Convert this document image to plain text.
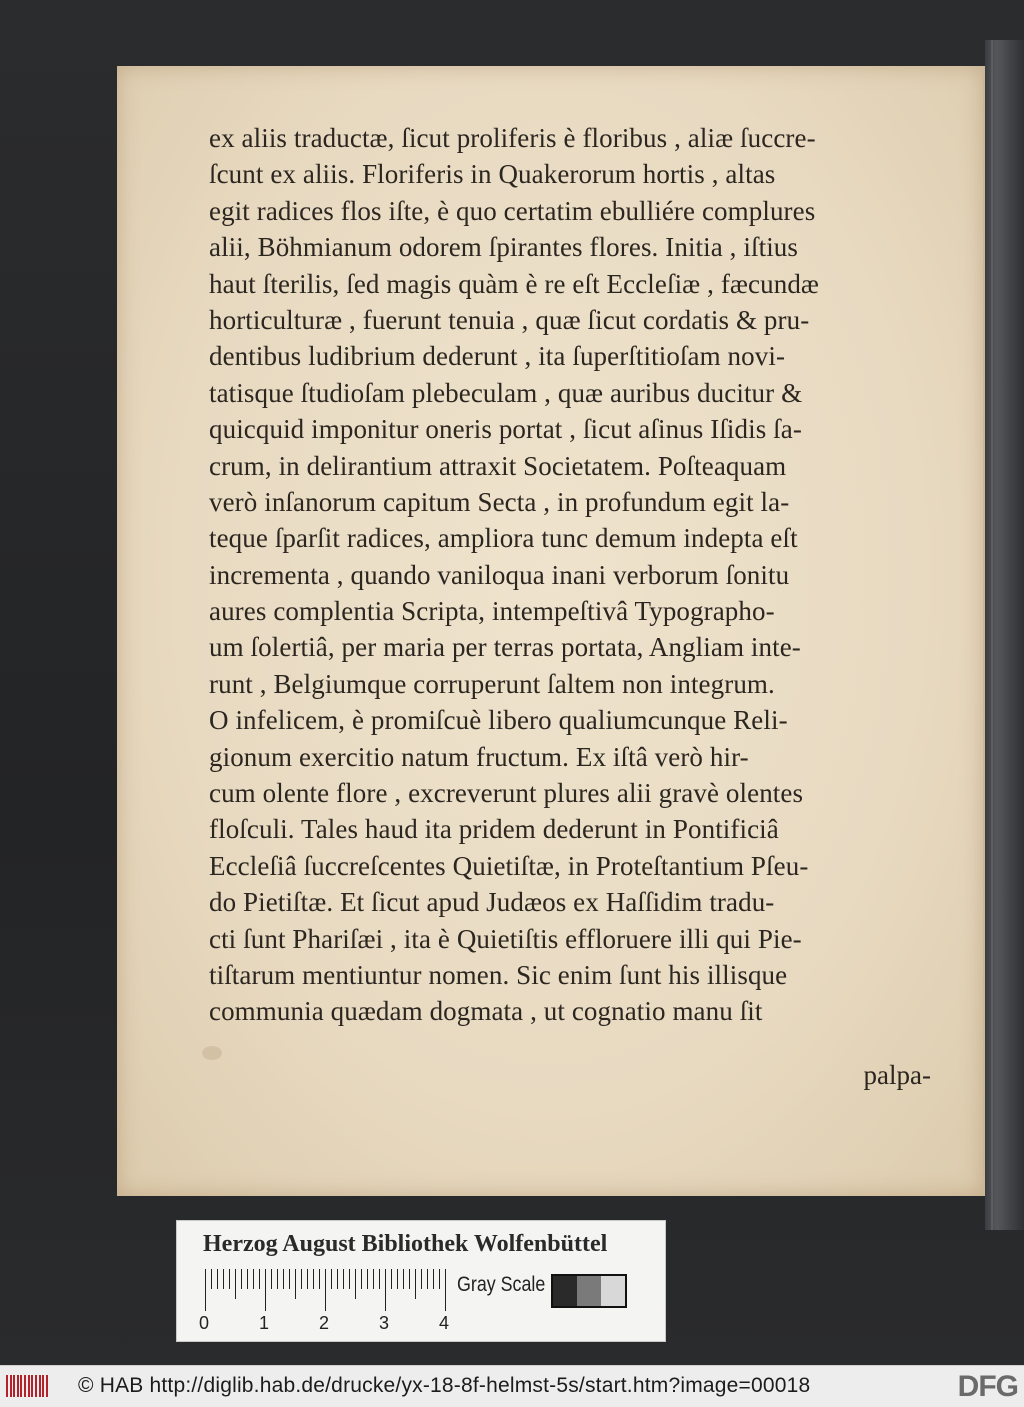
ex aliis traductæ, ſicut proliferis è floribus , aliæ ſuccre-
ſcunt ex aliis. Floriferis in Quakerorum hortis , altas
egit radices flos iſte, è quo certatim ebulliére complures
alii, Böhmianum odorem ſpirantes flores. Initia , iſtius
haut ſterilis, ſed magis quàm è re eſt Eccleſiæ , fæcundæ
horticulturæ , fuerunt tenuia , quæ ſicut cordatis & pru-
dentibus ludibrium dederunt , ita ſuperſtitioſam novi-
tatisque ſtudioſam plebeculam , quæ auribus ducitur &
quicquid imponitur oneris portat , ſicut aſinus Iſidis ſa-
crum, in delirantium attraxit Societatem. Poſteaquam
verò inſanorum capitum Secta , in profundum egit la-
teque ſparſit radices, ampliora tunc demum indepta eſt
incrementa , quando vaniloqua inani verborum ſonitu
aures complentia Scripta, intempeſtivâ Typographo-
um ſolertiâ, per maria per terras portata, Angliam inte-
runt , Belgiumque corruperunt ſaltem non integrum.
O infelicem, è promiſcuè libero qualiumcunque Reli-
gionum exercitio natum fructum. Ex iſtâ verò hir-
cum olente flore , excreverunt plures alii gravè olentes
floſculi. Tales haud ita pridem dederunt in Pontificiâ
Eccleſiâ ſuccreſcentes Quietiſtæ, in Proteſtantium Pſeu-
do Pietiſtæ. Et ſicut apud Judæos ex Haſſidim tradu-
cti ſunt Phariſæi , ita è Quietiſtis effloruere illi qui Pie-
tiſtarum mentiuntur nomen. Sic enim ſunt his illisque
communia quædam dogmata , ut cognatio manu ſit
palpa-
Herzog August Bibliothek Wolfenbüttel
0	1	2	3	4
Gray Scale
© HAB http://diglib.hab.de/drucke/yx-18-8f-helmst-5s/start.htm?image=00018	DFG
